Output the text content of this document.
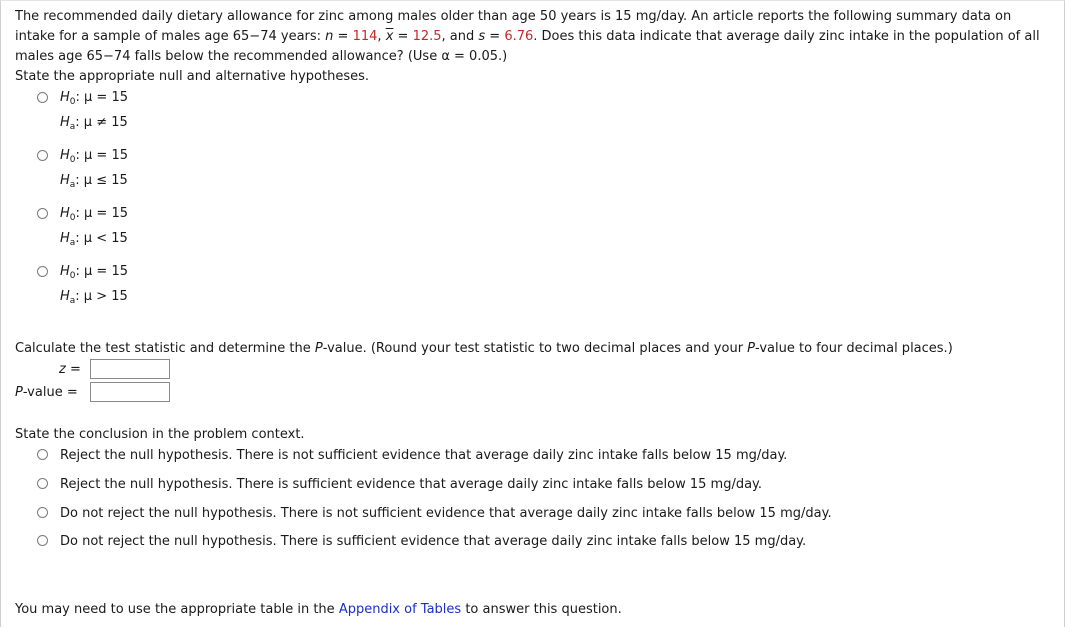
The recommended daily dietary allowance for zinc among males older than age 50 years is 15 mg/day. An article reports the following summary data on
intake for a sample of males age 65−74 years: n = 114, $\overline{x} = 12.5$, and s = 6.76. Does this data indicate that average daily zinc intake in the population of all
males age 65−74 falls below the recommended allowance? (Use α = 0.05.)
State the appropriate null and alternative hypotheses.
$H_0$: μ = 15
$H_a$: μ ≠ 15
$H_0$: μ = 15
$H_a$: μ ≤ 15
$H_0$: μ = 15
$H_a$: μ < 15
$H_0$: μ = 15
$H_a$: μ > 15
Calculate the test statistic and determine the P-value. (Round your test statistic to two decimal places and your P-value to four decimal places.)
z =
P-value =
State the conclusion in the problem context.
Reject the null hypothesis. There is not sufficient evidence that average daily zinc intake falls below 15 mg/day.
Reject the null hypothesis. There is sufficient evidence that average daily zinc intake falls below 15 mg/day.
Do not reject the null hypothesis. There is not sufficient evidence that average daily zinc intake falls below 15 mg/day.
Do not reject the null hypothesis. There is sufficient evidence that average daily zinc intake falls below 15 mg/day.
You may need to use the appropriate table in the Appendix of Tables to answer this question.
